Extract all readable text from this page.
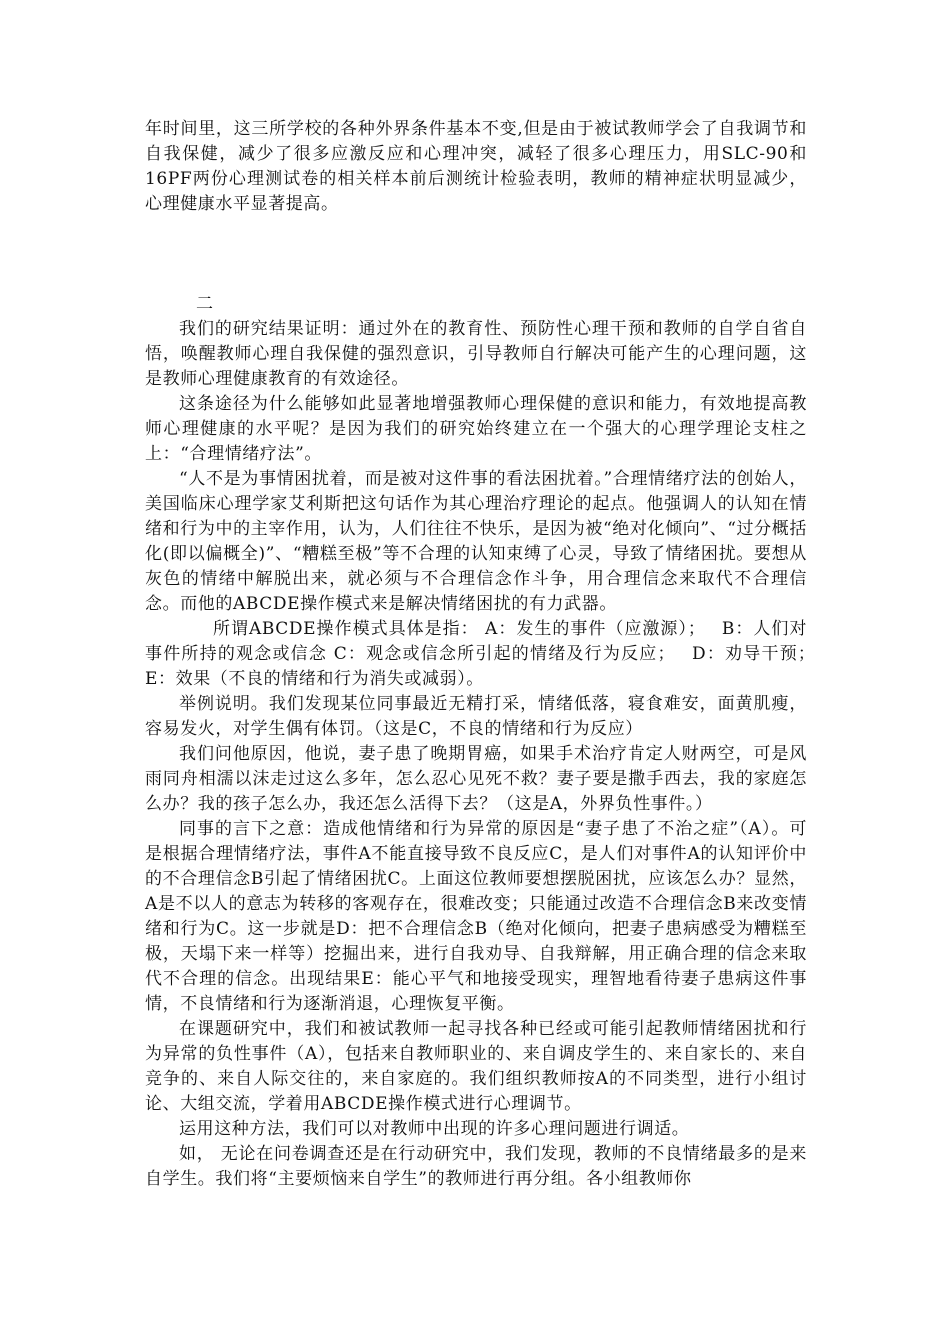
年时间里，这三所学校的各种外界条件基本不变,但是由于被试教师学会了自我调节和自我保健，减少了很多应激反应和心理冲突，减轻了很多心理压力，用SLC-90和16PF两份心理测试卷的相关样本前后测统计检验表明，教师的精神症状明显减少，心理健康水平显著提高。

二

我们的研究结果证明：通过外在的教育性、预防性心理干预和教师的自学自省自悟，唤醒教师心理自我保健的强烈意识，引导教师自行解决可能产生的心理问题，这是教师心理健康教育的有效途径。

这条途径为什么能够如此显著地增强教师心理保健的意识和能力，有效地提高教师心理健康的水平呢？是因为我们的研究始终建立在一个强大的心理学理论支柱之上：“合理情绪疗法”。

“人不是为事情困扰着，而是被对这件事的看法困扰着。”合理情绪疗法的创始人，美国临床心理学家艾利斯把这句话作为其心理治疗理论的起点。他强调人的认知在情绪和行为中的主宰作用，认为，人们往往不快乐，是因为被“绝对化倾向”、“过分概括化(即以偏概全)”、“糟糕至极”等不合理的认知束缚了心灵，导致了情绪困扰。要想从灰色的情绪中解脱出来，就必须与不合理信念作斗争，用合理信念来取代不合理信念。而他的ABCDE操作模式来是解决情绪困扰的有力武器。

所谓ABCDE操作模式具体是指： A：发生的事件（应激源）；　 B：人们对事件所持的观念或信念 C：观念或信念所引起的情绪及行为反应；　 D：劝导干预；　　 E：效果（不良的情绪和行为消失或减弱）。

举例说明。我们发现某位同事最近无精打采，情绪低落，寝食难安，面黄肌瘦，容易发火，对学生偶有体罚。（这是C，不良的情绪和行为反应）

我们问他原因，他说，妻子患了晚期胃癌，如果手术治疗肯定人财两空，可是风雨同舟相濡以沫走过这么多年，怎么忍心见死不救？妻子要是撒手西去，我的家庭怎么办？我的孩子怎么办，我还怎么活得下去？（这是A，外界负性事件。）

同事的言下之意：造成他情绪和行为异常的原因是“妻子患了不治之症”（A）。可是根据合理情绪疗法，事件A不能直接导致不良反应C，是人们对事件A的认知评价中的不合理信念B引起了情绪困扰C。上面这位教师要想摆脱困扰，应该怎么办？显然，A是不以人的意志为转移的客观存在，很难改变；只能通过改造不合理信念B来改变情绪和行为C。这一步就是D：把不合理信念B（绝对化倾向，把妻子患病感受为糟糕至极，天塌下来一样等）挖掘出来，进行自我劝导、自我辩解，用正确合理的信念来取代不合理的信念。出现结果E：能心平气和地接受现实，理智地看待妻子患病这件事情，不良情绪和行为逐渐消退，心理恢复平衡。

在课题研究中，我们和被试教师一起寻找各种已经或可能引起教师情绪困扰和行为异常的负性事件（A），包括来自教师职业的、来自调皮学生的、来自家长的、来自竞争的、来自人际交往的，来自家庭的。我们组织教师按A的不同类型，进行小组讨论、大组交流，学着用ABCDE操作模式进行心理调节。

运用这种方法，我们可以对教师中出现的许多心理问题进行调适。

如， 无论在问卷调查还是在行动研究中，我们发现，教师的不良情绪最多的是来自学生。我们将“主要烦恼来自学生”的教师进行再分组。各小组教师你
